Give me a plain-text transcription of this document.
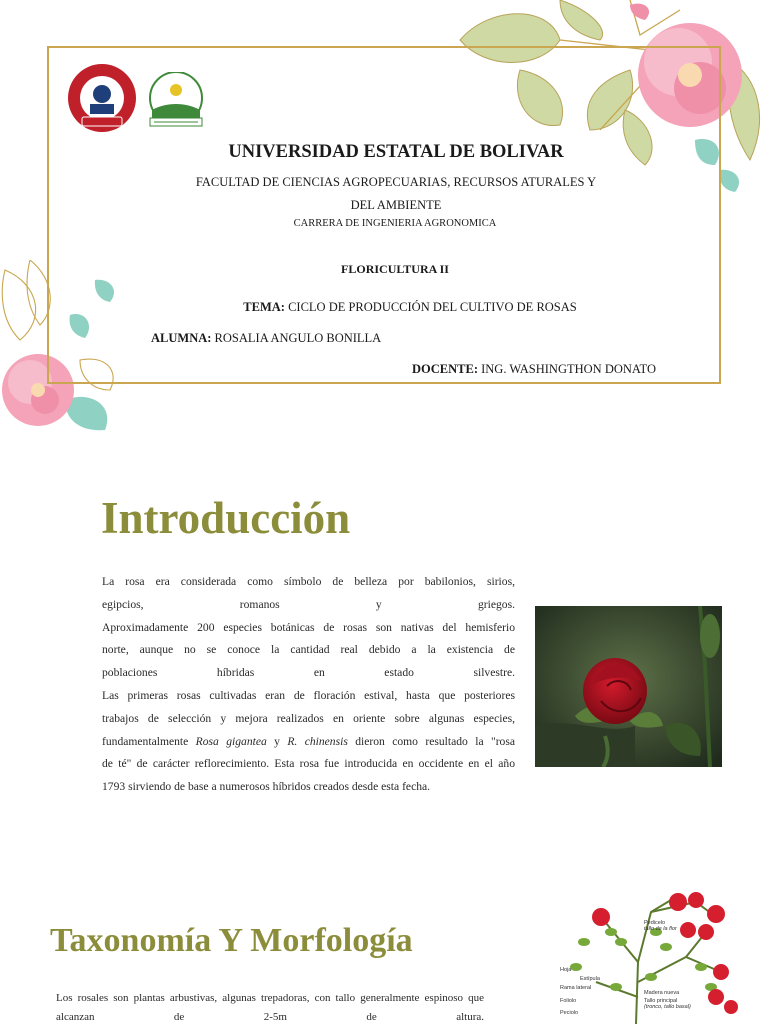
UNIVERSIDAD ESTATAL DE BOLIVAR
FACULTAD DE CIENCIAS AGROPECUARIAS, RECURSOS ATURALES Y
DEL AMBIENTE
CARRERA DE INGENIERIA AGRONOMICA
FLORICULTURA II
TEMA: CICLO DE PRODUCCIÓN DEL CULTIVO DE ROSAS
ALUMNA: ROSALIA ANGULO BONILLA
DOCENTE: ING. WASHINGTHON DONATO
Introducción

La rosa era considerada como símbolo de belleza por babilonios, sirios,

egipcios, romanos y griegos.

Aproximadamente 200 especies botánicas de rosas son nativas del hemisferio

norte, aunque no se conoce la cantidad real debido a la existencia de

poblaciones híbridas en estado silvestre.

Las primeras rosas cultivadas eran de floración estival, hasta que posteriores

trabajos de selección y mejora realizados en oriente sobre algunas especies,

fundamentalmente Rosa gigantea y R. chinensis dieron como resultado la "rosa

de té" de carácter reflorecimiento. Esta rosa fue introducida en occidente en el año

1793 sirviendo de base a numerosos híbridos creados desde esta fecha.

Taxonomía Y Morfología

Los rosales son plantas arbustivas, algunas trepadoras, con tallo generalmente espinoso que

alcanzan de 2-5m de altura.

Pedicelo
tallo de la flor
Hoja
Estípula
Rama lateral
Foliolo
Peciolo
Madera nueva
Tallo principal
(tronco, tallo basal)
